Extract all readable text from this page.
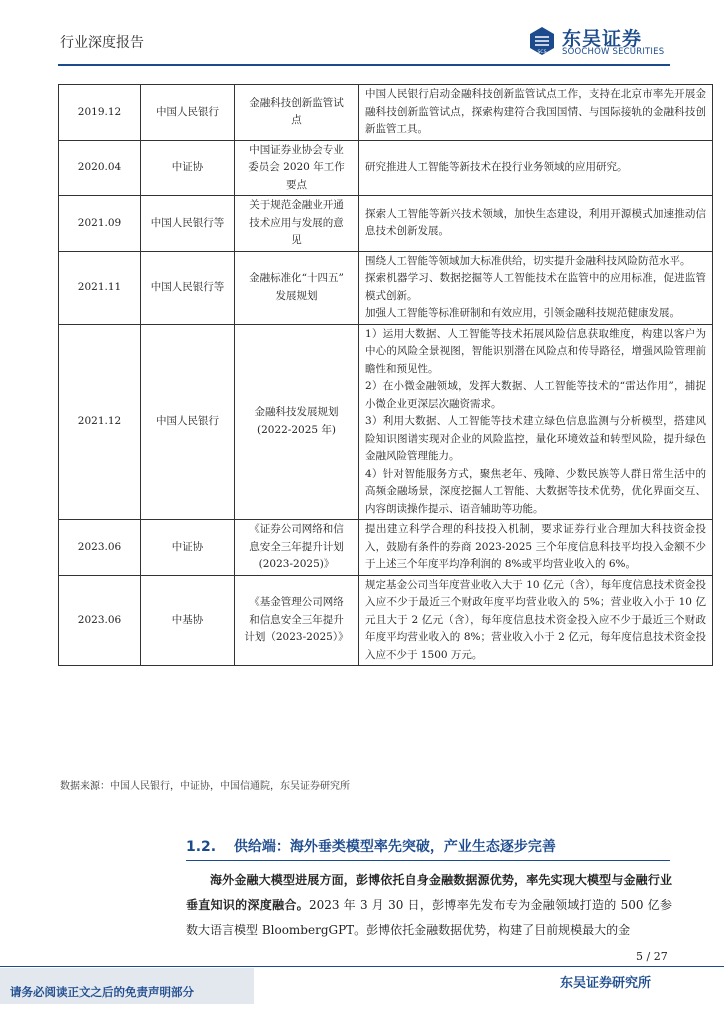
行业深度报告
SCS
东吴证券
SOOCHOW SECURITIES
2019.12	中国人民银行	金融科技创新监管试
点	中国人民银行启动金融科技创新监管试点工作，支持在北京市率先开展金融科技创新监管试点，探索构建符合我国国情、与国际接轨的金融科技创新监管工具。

2020.04	中证协	中国证券业协会专业
委员会 2020 年工作
要点	研究推进人工智能等新技术在投行业务领域的应用研究。

2021.09	中国人民银行等	关于规范金融业开通
技术应用与发展的意
见	探索人工智能等新兴技术领域，加快生态建设，利用开源模式加速推动信息技术创新发展。

2021.11	中国人民银行等	金融标准化“十四五”
发展规划	围绕人工智能等领域加大标准供给，切实提升金融科技风险防范水平。
探索机器学习、数据挖掘等人工智能技术在监管中的应用标准，促进监管模式创新。
加强人工智能等标准研制和有效应用，引领金融科技规范健康发展。

2021.12	中国人民银行	金融科技发展规划
(2022-2025 年)	1）运用大数据、人工智能等技术拓展风险信息获取维度，构建以客户为中心的风险全景视图，智能识别潜在风险点和传导路径，增强风险管理前瞻性和预见性。
2）在小微金融领域，发挥大数据、人工智能等技术的“雷达作用”，捕捉小微企业更深层次融资需求。
3）利用大数据、人工智能等技术建立绿色信息监测与分析模型，搭建风险知识图谱实现对企业的风险监控，量化环境效益和转型风险，提升绿色金融风险管理能力。
4）针对智能服务方式，聚焦老年、残障、少数民族等人群日常生活中的高频金融场景，深度挖掘人工智能、大数据等技术优势，优化界面交互、内容朗读操作提示、语音辅助等功能。

2023.06	中证协	《证券公司网络和信
息安全三年提升计划
(2023-2025)》	提出建立科学合理的科技投入机制，要求证券行业合理加大科技资金投入，鼓励有条件的券商 2023-2025 三个年度信息科技平均投入金额不少于上述三个年度平均净利润的 8%或平均营业收入的 6%。

2023.06	中基协	《基金管理公司网络
和信息安全三年提升
计划（2023-2025）》	规定基金公司当年度营业收入大于 10 亿元（含），每年度信息技术资金投入应不少于最近三个财政年度平均营业收入的 5%；营业收入小于 10 亿元且大于 2 亿元（含），每年度信息技术资金投入应不少于最近三个财政年度平均营业收入的 8%；营业收入小于 2 亿元，每年度信息技术资金投入应不少于 1500 万元。
数据来源：中国人民银行，中证协，中国信通院，东吴证券研究所
1.2. 供给端：海外垂类模型率先突破，产业生态逐步完善
海外金融大模型进展方面，彭博依托自身金融数据源优势，率先实现大模型与金融行业垂直知识的深度融合。2023 年 3 月 30 日，彭博率先发布专为金融领域打造的 500 亿参数大语言模型 BloombergGPT。彭博依托金融数据优势，构建了目前规模最大的金
5 / 27
请务必阅读正文之后的免责声明部分
东吴证券研究所
